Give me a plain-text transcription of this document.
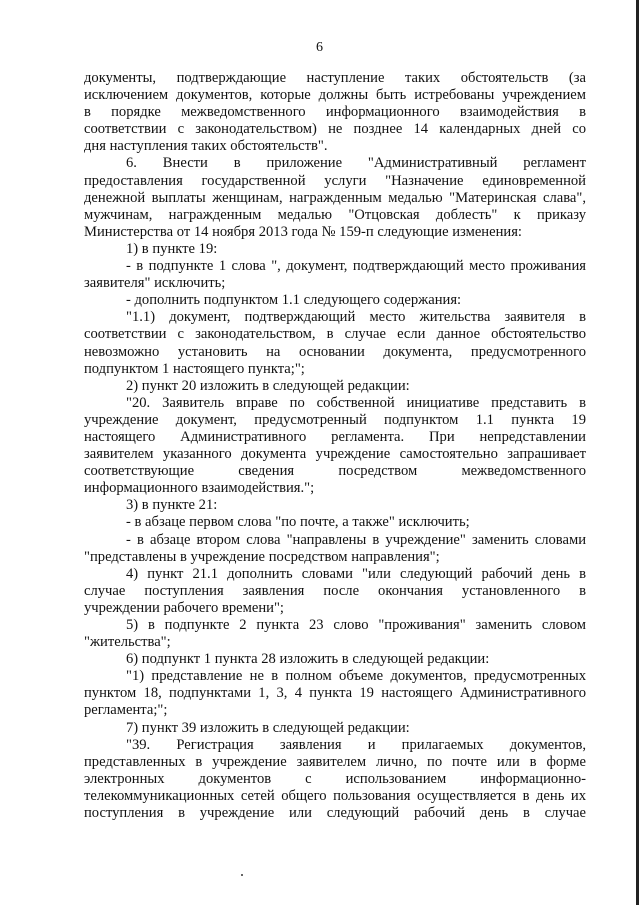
6
документы, подтверждающие наступление таких обстоятельств (за
исключением документов, которые должны быть истребованы учреждением
в порядке межведомственного информационного взаимодействия в
соответствии с законодательством) не позднее 14 календарных дней со
дня наступления таких обстоятельств".
6. Внести в приложение "Административный регламент
предоставления государственной услуги "Назначение единовременной
денежной выплаты женщинам, награжденным медалью "Материнская слава",
мужчинам, награжденным медалью "Отцовская доблесть" к приказу
Министерства от 14 ноября 2013 года № 159-п следующие изменения:
1) в пункте 19:
- в подпункте 1 слова ", документ, подтверждающий место проживания
заявителя" исключить;
- дополнить подпунктом 1.1 следующего содержания:
"1.1) документ, подтверждающий место жительства заявителя в
соответствии с законодательством, в случае если данное обстоятельство
невозможно установить на основании документа, предусмотренного
подпунктом 1 настоящего пункта;";
2) пункт 20 изложить в следующей редакции:
"20. Заявитель вправе по собственной инициативе представить в
учреждение документ, предусмотренный подпунктом 1.1 пункта 19
настоящего Административного регламента. При непредставлении
заявителем указанного документа учреждение самостоятельно запрашивает
соответствующие сведения посредством межведомственного
информационного взаимодействия.";
3) в пункте 21:
- в абзаце первом слова "по почте, а также" исключить;
- в абзаце втором слова "направлены в учреждение" заменить словами
"представлены в учреждение посредством направления";
4) пункт 21.1 дополнить словами "или следующий рабочий день в
случае поступления заявления после окончания установленного в
учреждении рабочего времени";
5) в подпункте 2 пункта 23 слово "проживания" заменить словом
"жительства";
6) подпункт 1 пункта 28 изложить в следующей редакции:
"1) представление не в полном объеме документов, предусмотренных
пунктом 18, подпунктами 1, 3, 4 пункта 19 настоящего Административного
регламента;";
7) пункт 39 изложить в следующей редакции:
"39. Регистрация заявления и прилагаемых документов,
представленных в учреждение заявителем лично, по почте или в форме
электронных документов с использованием информационно-
телекоммуникационных сетей общего пользования осуществляется в день их
поступления в учреждение или следующий рабочий день в случае
